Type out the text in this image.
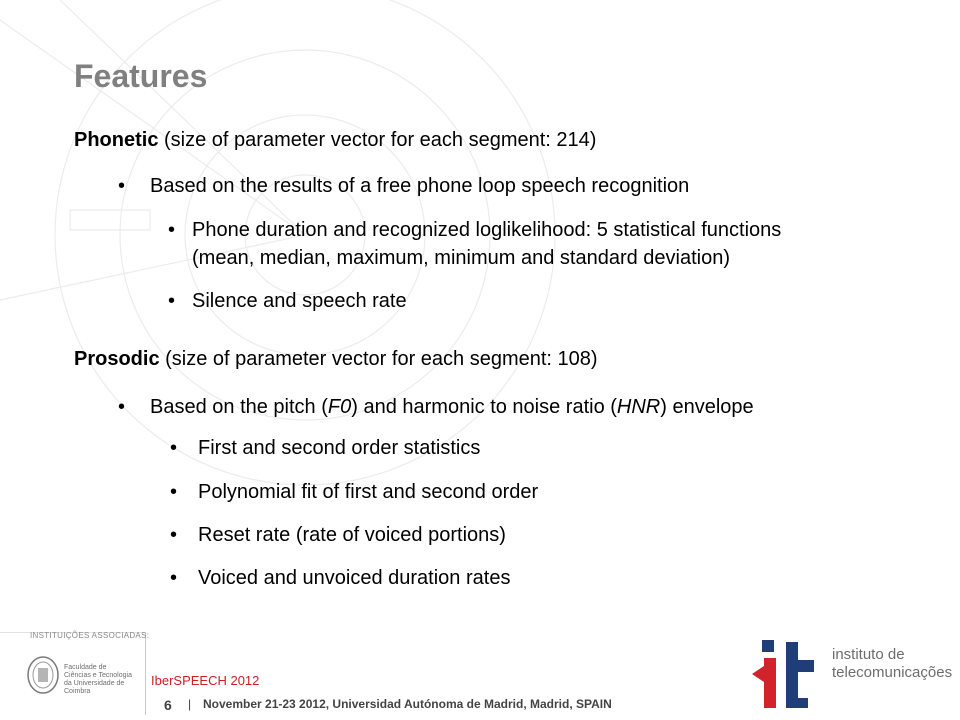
Features
Phonetic (size of parameter vector for each segment: 214)
• Based on the results of a free phone loop speech recognition
• Phone duration and recognized loglikelihood: 5 statistical functions
(mean, median, maximum, minimum and standard deviation)
• Silence and speech rate
Prosodic (size of parameter vector for each segment: 108)
• Based on the pitch (F0) and harmonic to noise ratio (HNR) envelope
• First and second order statistics
• Polynomial fit of first and second order
• Reset rate (rate of voiced portions)
• Voiced and unvoiced duration rates
INSTITUIÇÕES ASSOCIADAS:
Faculdade de Ciências e Tecnologia da Universidade de Coimbra
IberSPEECH 2012
6 | November 21-23 2012, Universidad Autónoma de Madrid, Madrid, SPAIN
instituto de
telecomunicações
